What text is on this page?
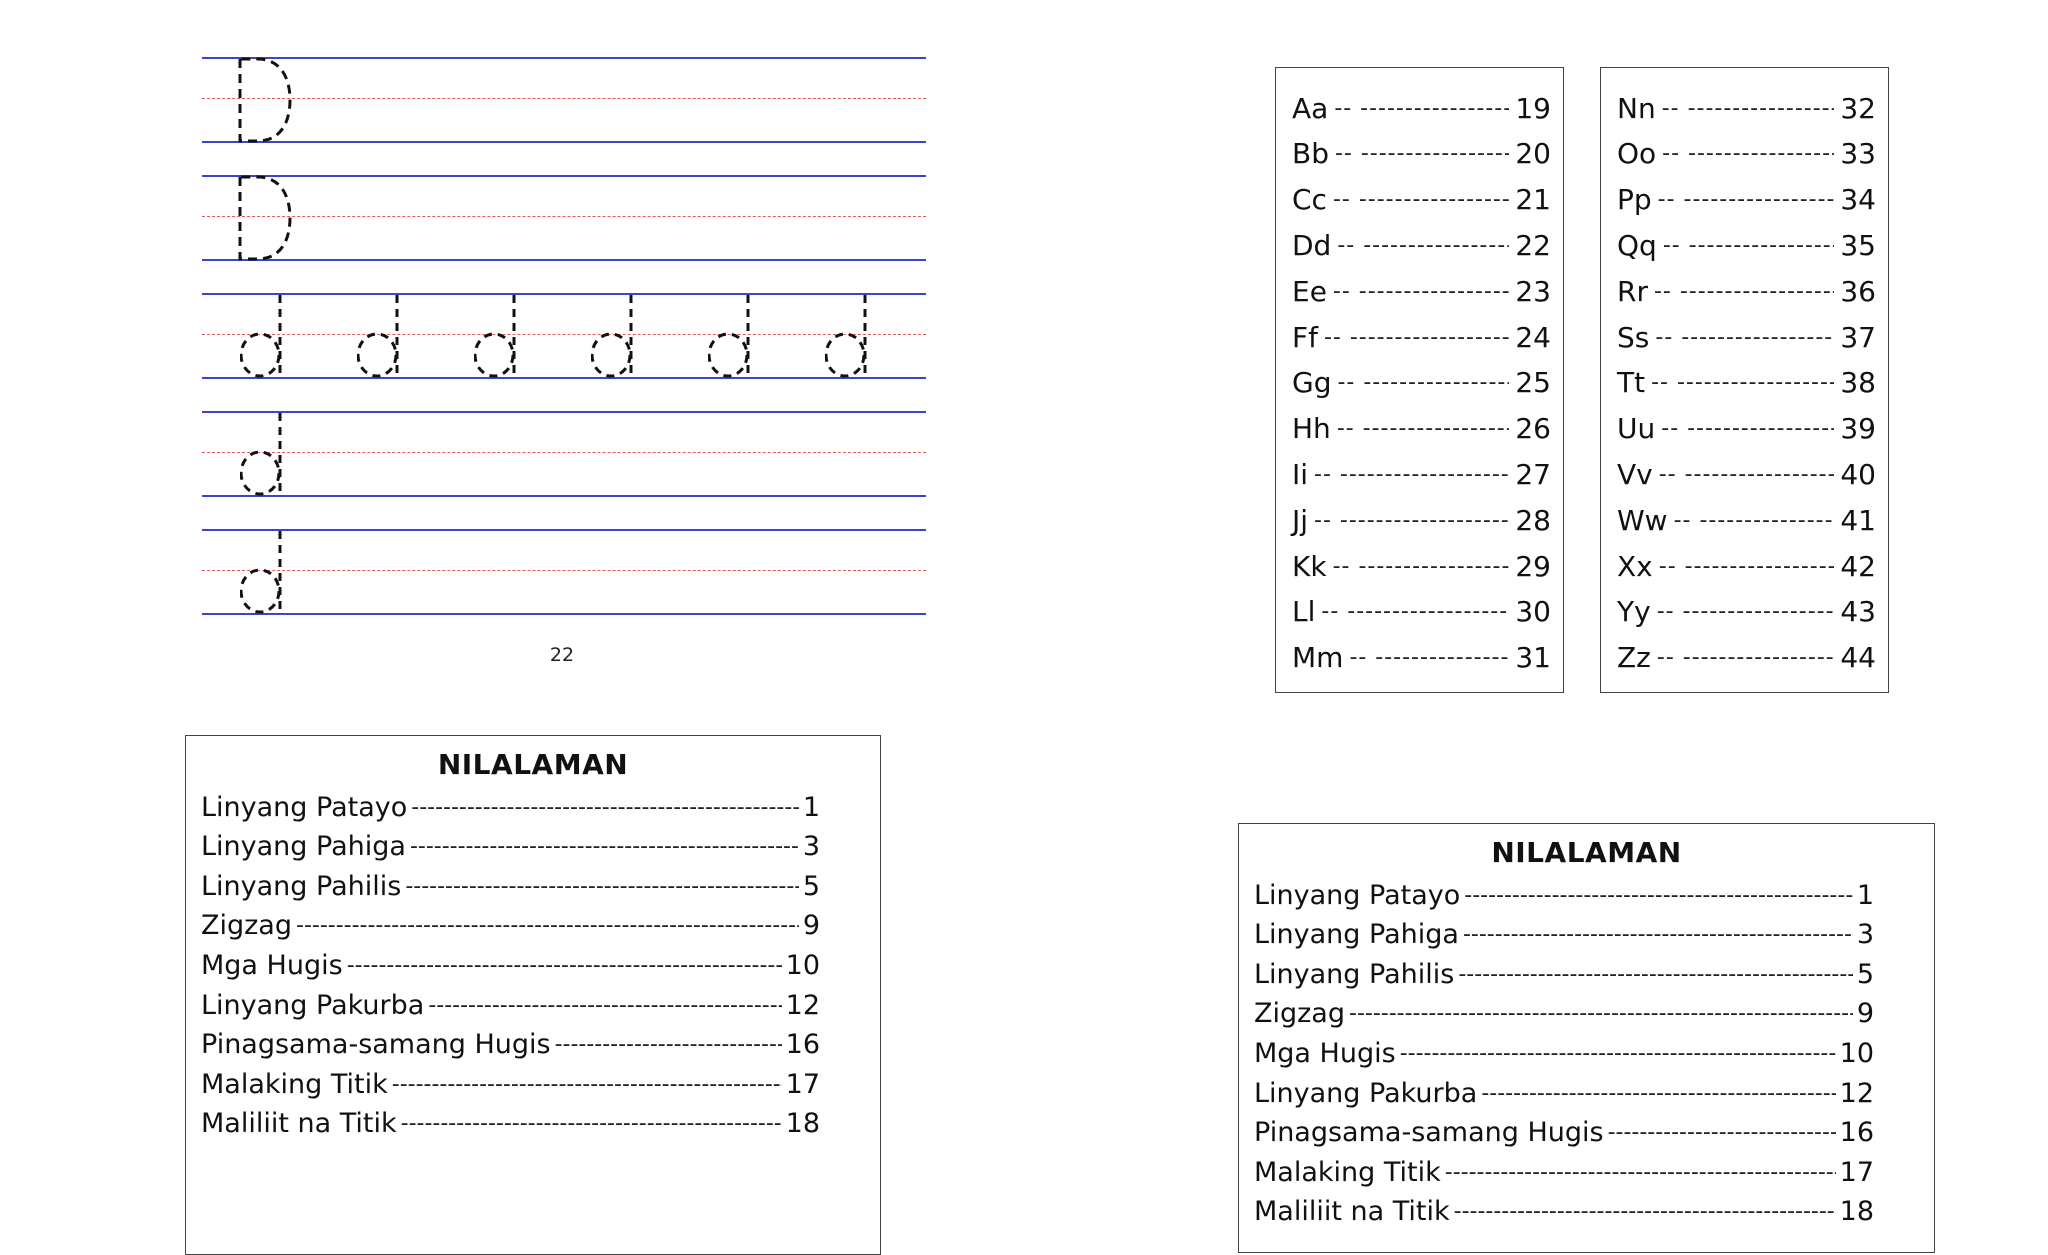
22
Aa -- --	19
Bb -- --	20
Cc -- --	21
Dd -- --	22
Ee -- --	23
Ff -- --	24
Gg -- --	25
Hh -- --	26
Ii -- --	27
Jj -- --	28
Kk -- --	29
Ll -- --	30
Mm -- --	31
Nn -- --	32
Oo -- --	33
Pp -- --	34
Qq -- --	35
Rr -- --	36
Ss -- --	37
Tt -- --	38
Uu -- --	39
Vv -- --	40
Ww -- --	41
Xx -- --	42
Yy -- --	43
Zz -- --	44
NILALAMAN
Linyang Patayo -----	1
Linyang Pahiga -----	3
Linyang Pahilis -----	5
Zigzag -----	9
Mga Hugis -----	10
Linyang Pakurba -----	12
Pinagsama-samang Hugis -----	16
Malaking Titik -----	17
Maliliit na Titik -----	18
NILALAMAN
Linyang Patayo -----	1
Linyang Pahiga -----	3
Linyang Pahilis -----	5
Zigzag -----	9
Mga Hugis -----	10
Linyang Pakurba -----	12
Pinagsama-samang Hugis -----	16
Malaking Titik -----	17
Maliliit na Titik -----	18
